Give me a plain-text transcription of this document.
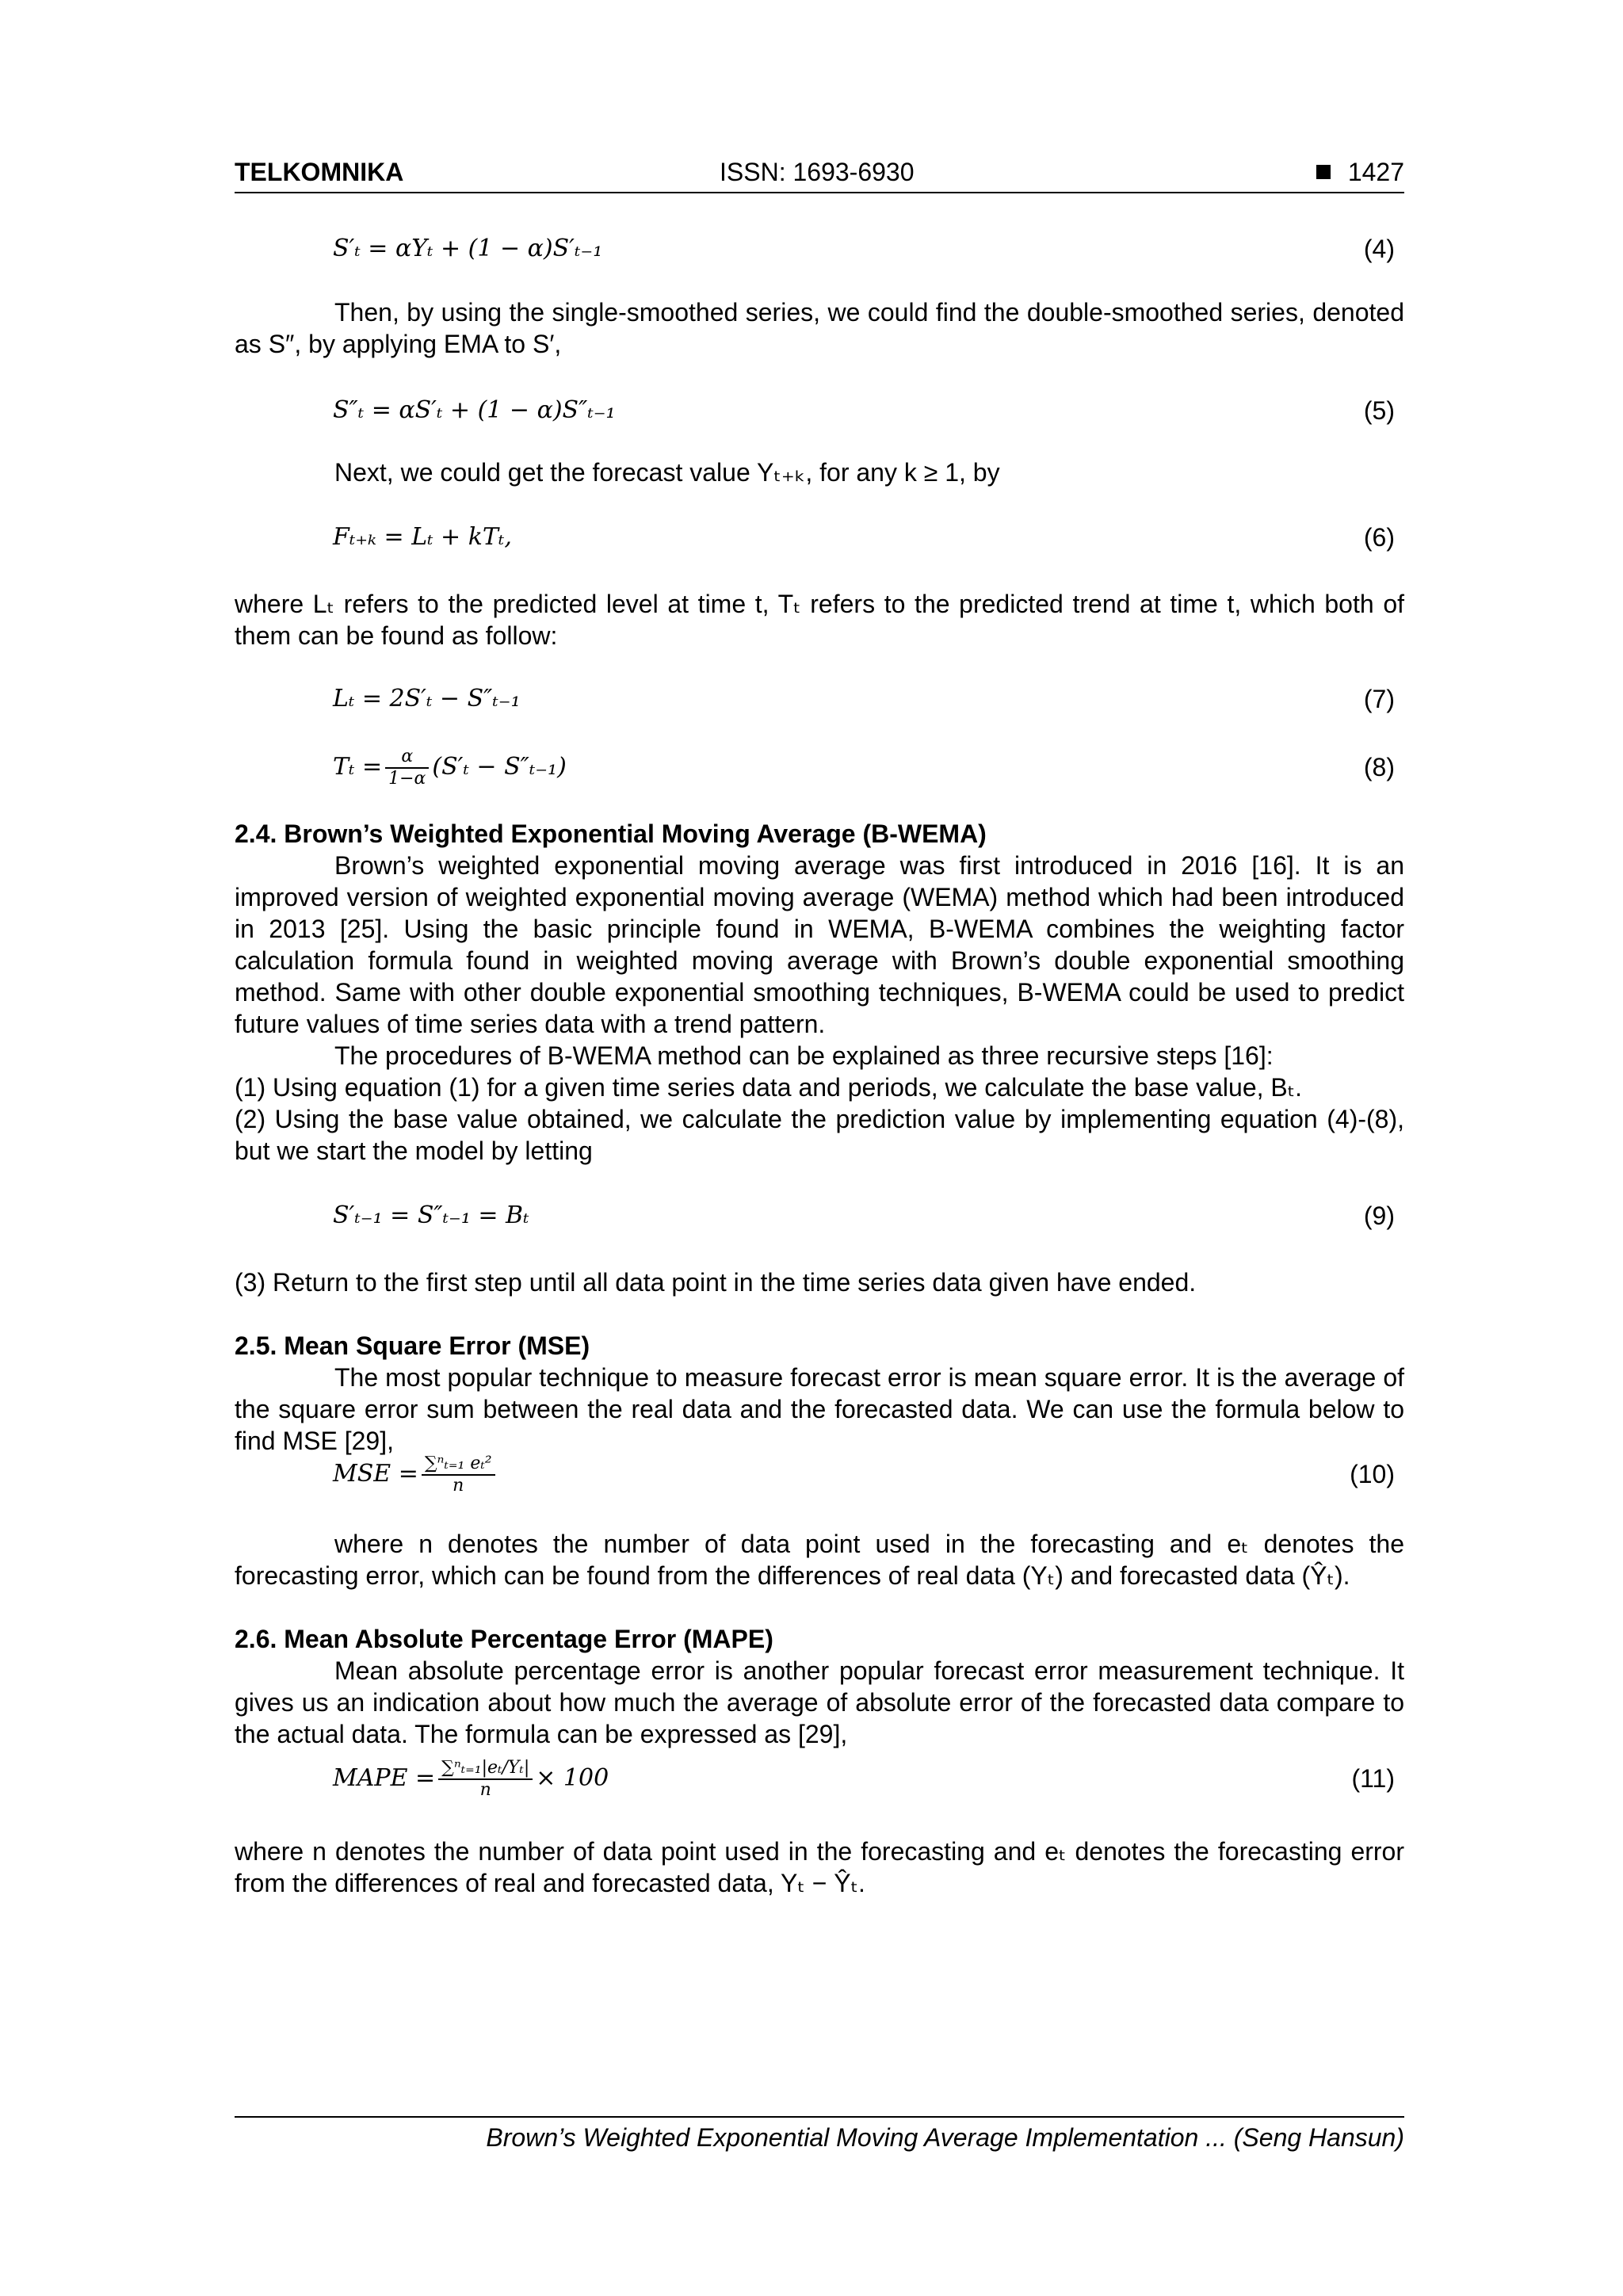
TELKOMNIKA	ISSN: 1693-6930	1427
S′ₜ = αYₜ + (1 − α)S′ₜ₋₁	(4)
Then, by using the single-smoothed series, we could find the double-smoothed series, denoted as S″, by applying EMA to S′,
S″ₜ = αS′ₜ + (1 − α)S″ₜ₋₁	(5)
Next, we could get the forecast value Yₜ₊ₖ, for any k ≥ 1, by
Fₜ₊ₖ = Lₜ + kTₜ,	(6)
where Lₜ refers to the predicted level at time t, Tₜ refers to the predicted trend at time t, which both of them can be found as follow:
Lₜ = 2S′ₜ − S″ₜ₋₁	(7)
$T_t = \frac{\alpha}{1-\alpha} (S'_t - S''_{t-1})$	(8)
2.4. Brown’s Weighted Exponential Moving Average (B-WEMA)
Brown’s weighted exponential moving average was first introduced in 2016 [16]. It is an improved version of weighted exponential moving average (WEMA) method which had been introduced in 2013 [25]. Using the basic principle found in WEMA, B-WEMA combines the weighting factor calculation formula found in weighted moving average with Brown’s double exponential smoothing method. Same with other double exponential smoothing techniques, B-WEMA could be used to predict future values of time series data with a trend pattern.
The procedures of B-WEMA method can be explained as three recursive steps [16]:
(1) Using equation (1) for a given time series data and periods, we calculate the base value, Bₜ.
(2) Using the base value obtained, we calculate the prediction value by implementing equation (4)-(8), but we start the model by letting
S′ₜ₋₁ = S″ₜ₋₁ = Bₜ	(9)
(3) Return to the first step until all data point in the time series data given have ended.
2.5. Mean Square Error (MSE)
The most popular technique to measure forecast error is mean square error. It is the average of the square error sum between the real data and the forecasted data. We can use the formula below to find MSE [29],
MSE = $\frac{\text{∑ⁿₜ₌₁ eₜ²}}{n}$	(10)
where n denotes the number of data point used in the forecasting and eₜ denotes the forecasting error, which can be found from the differences of real data (Yₜ) and forecasted data (Ŷₜ).
2.6. Mean Absolute Percentage Error (MAPE)
Mean absolute percentage error is another popular forecast error measurement technique. It gives us an indication about how much the average of absolute error of the forecasted data compare to the actual data. The formula can be expressed as [29],
MAPE = $\frac{\text{∑ⁿₜ₌₁|eₜ/Yₜ|}}{n} \times 100$	(11)
where n denotes the number of data point used in the forecasting and eₜ denotes the forecasting error from the differences of real and forecasted data, Yₜ − Ŷₜ.
Brown’s Weighted Exponential Moving Average Implementation ... (Seng Hansun)
